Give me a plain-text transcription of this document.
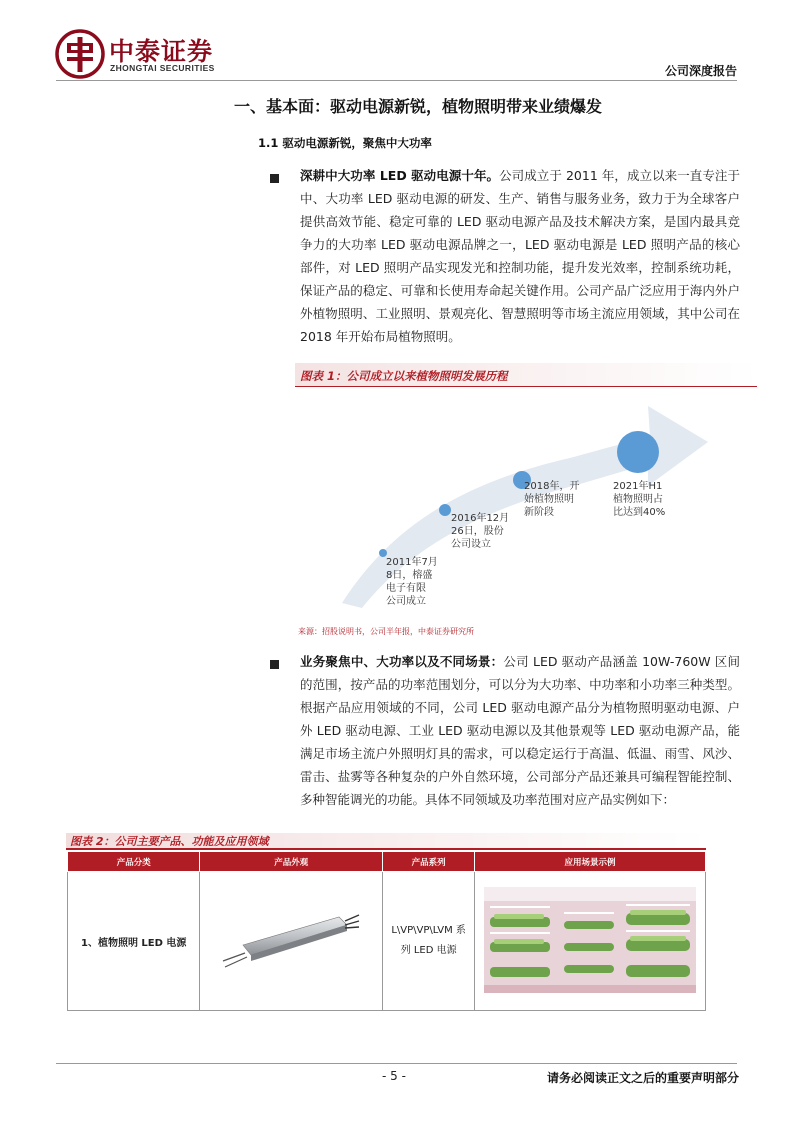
中泰证券
ZHONGTAI SECURITIES	公司深度报告
一、基本面：驱动电源新锐，植物照明带来业绩爆发
1.1 驱动电源新锐，聚焦中大功率
深耕中大功率 LED 驱动电源十年。公司成立于 2011 年，成立以来一直专注于中、大功率 LED 驱动电源的研发、生产、销售与服务业务，致力于为全球客户提供高效节能、稳定可靠的 LED 驱动电源产品及技术解决方案，是国内最具竞争力的大功率 LED 驱动电源品牌之一，LED 驱动电源是 LED 照明产品的核心部件，对 LED 照明产品实现发光和控制功能，提升发光效率，控制系统功耗，保证产品的稳定、可靠和长使用寿命起关键作用。公司产品广泛应用于海内外户外植物照明、工业照明、景观亮化、智慧照明等市场主流应用领域，其中公司在 2018 年开始布局植物照明。
图表 1：公司成立以来植物照明发展历程
2011年7月
8日，榕盛
电子有限
公司成立
2016年12月
26日，股份
公司设立
2018年，开
始植物照明
新阶段
2021年H1
植物照明占
比达到40%
来源：招股说明书，公司半年报，中泰证券研究所
业务聚焦中、大功率以及不同场景：公司 LED 驱动产品涵盖 10W-760W 区间的范围，按产品的功率范围划分，可以分为大功率、中功率和小功率三种类型。根据产品应用领域的不同，公司 LED 驱动电源产品分为植物照明驱动电源、户外 LED 驱动电源、工业 LED 驱动电源以及其他景观等 LED 驱动电源产品，能满足市场主流户外照明灯具的需求，可以稳定运行于高温、低温、雨雪、风沙、雷击、盐雾等各种复杂的户外自然环境，公司部分产品还兼具可编程智能控制、多种智能调光的功能。具体不同领域及功率范围对应产品实例如下：
图表 2：公司主要产品、功能及应用领域
产品分类	产品外观	产品系列	应用场景示例
1、植物照明 LED 电源		L\VP\VP\LVM 系列 LED 电源	
- 5 -	请务必阅读正文之后的重要声明部分
